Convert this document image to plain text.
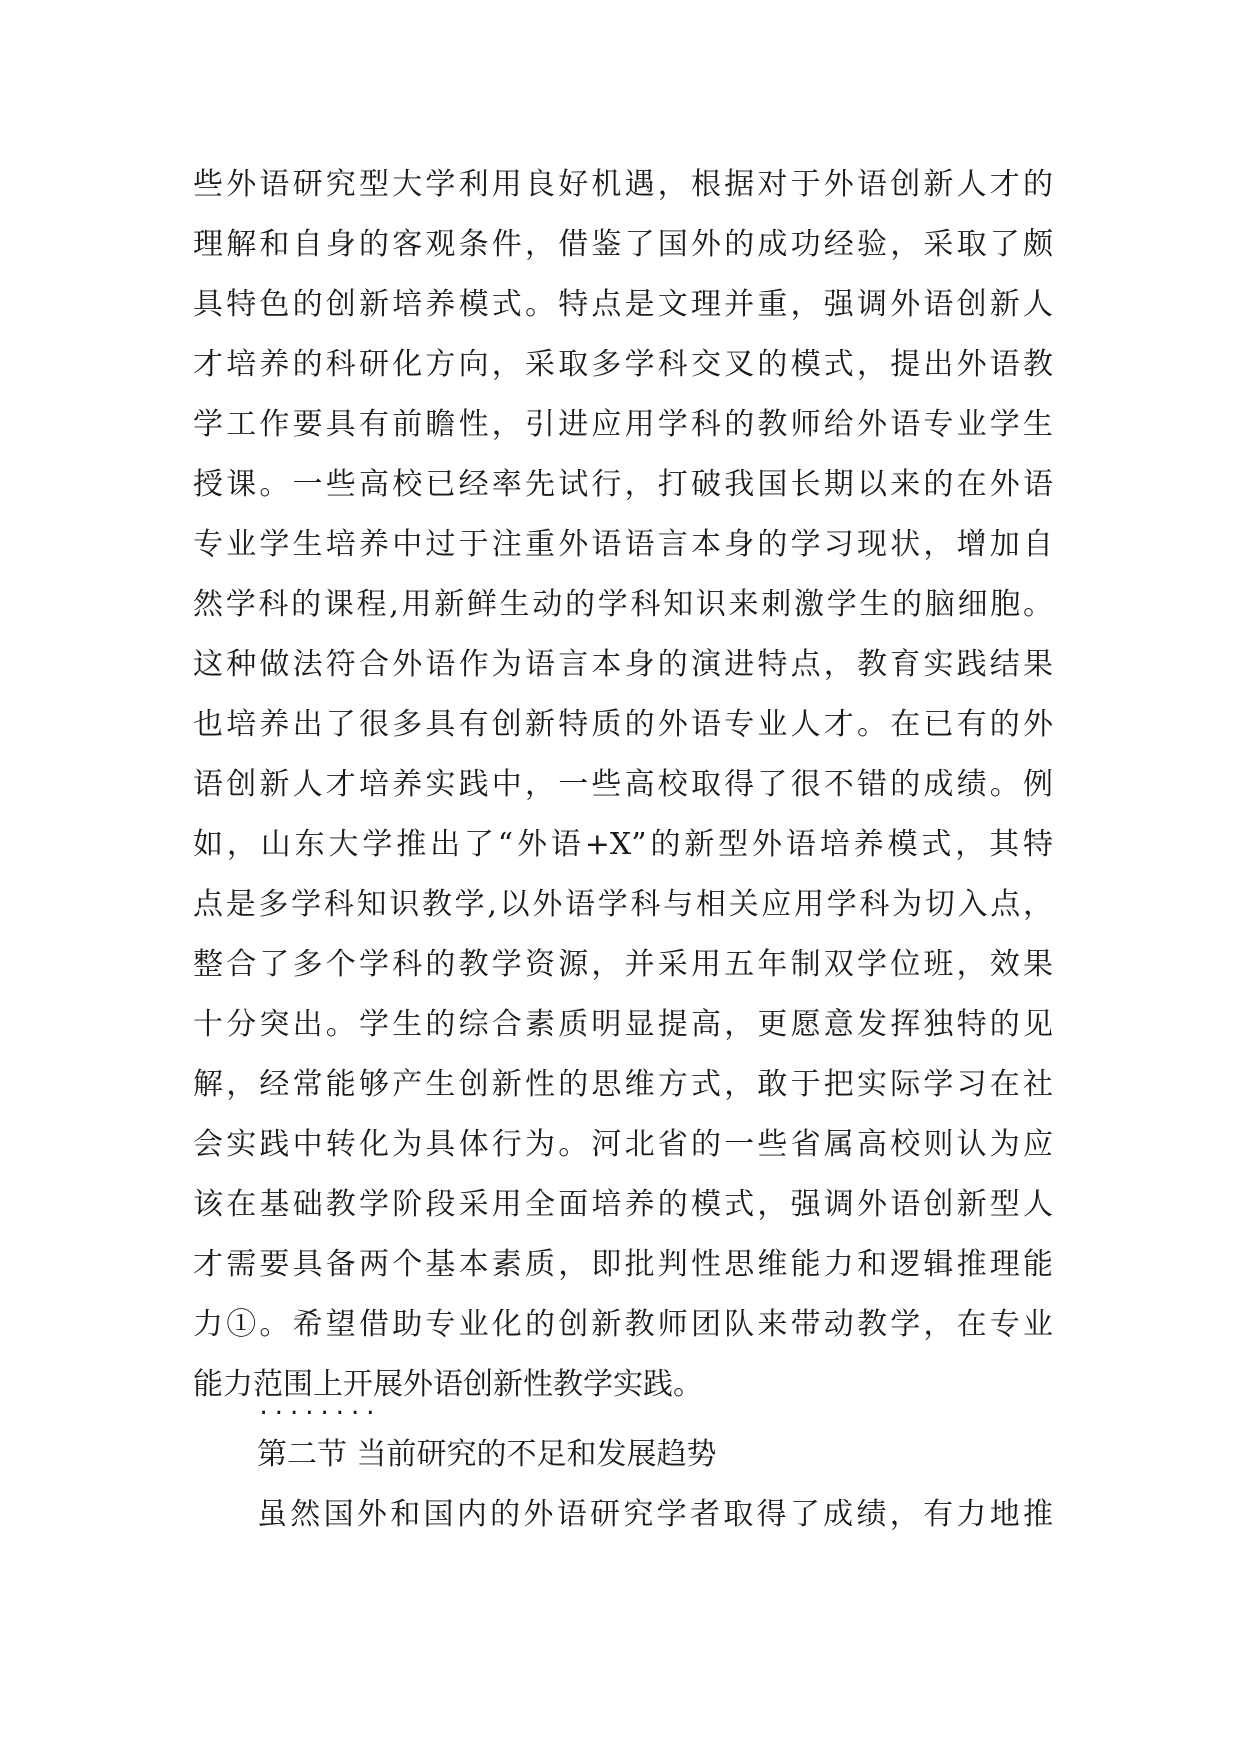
些外语研究型大学利用良好机遇，根据对于外语创新人才的
理解和自身的客观条件，借鉴了国外的成功经验，采取了颇
具特色的创新培养模式。特点是文理并重，强调外语创新人
才培养的科研化方向，采取多学科交叉的模式，提出外语教
学工作要具有前瞻性，引进应用学科的教师给外语专业学生
授课。一些高校已经率先试行，打破我国长期以来的在外语
专业学生培养中过于注重外语语言本身的学习现状，增加自
然学科的课程,用新鲜生动的学科知识来刺激学生的脑细胞。
这种做法符合外语作为语言本身的演进特点，教育实践结果
也培养出了很多具有创新特质的外语专业人才。在已有的外
语创新人才培养实践中，一些高校取得了很不错的成绩。例
如，山东大学推出了“外语+X”的新型外语培养模式，其特
点是多学科知识教学,以外语学科与相关应用学科为切入点，
整合了多个学科的教学资源，并采用五年制双学位班，效果
十分突出。学生的综合素质明显提高，更愿意发挥独特的见
解，经常能够产生创新性的思维方式，敢于把实际学习在社
会实践中转化为具体行为。河北省的一些省属高校则认为应
该在基础教学阶段采用全面培养的模式，强调外语创新型人
才需要具备两个基本素质，即批判性思维能力和逻辑推理能
力①。希望借助专业化的创新教师团队来带动教学，在专业
能力范围上开展外语创新性教学实践。
........
第二节 当前研究的不足和发展趋势
虽然国外和国内的外语研究学者取得了成绩，有力地推
